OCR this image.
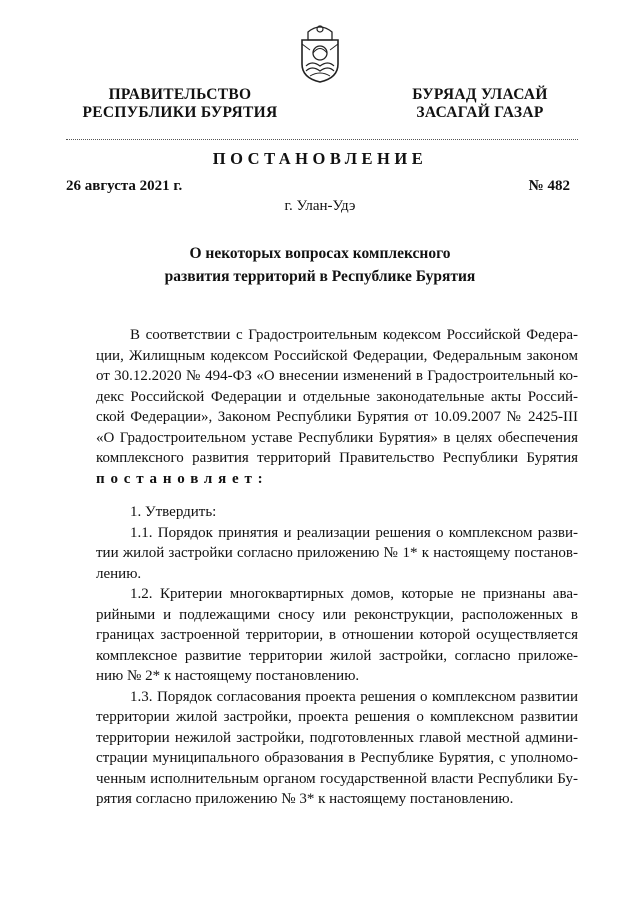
ПРАВИТЕЛЬСТВО
РЕСПУБЛИКИ БУРЯТИЯ
БУРЯАД УЛАСАЙ
ЗАСАГАЙ ГАЗАР
ПОСТАНОВЛЕНИЕ
26 августа 2021 г.	№ 482
г. Улан-Удэ
О некоторых вопросах комплексного
развития территорий в Республике Бурятия
В соответствии с Градостроительным кодексом Российской Федера-
ции, Жилищным кодексом Российской Федерации, Федеральным законом
от 30.12.2020 № 494-ФЗ «О внесении изменений в Градостроительный ко-
декс Российской Федерации и отдельные законодательные акты Россий-
ской Федерации», Законом Республики Бурятия от 10.09.2007 № 2425-III
«О Градостроительном уставе Республики Бурятия» в целях обеспечения
комплексного развития территорий Правительство Республики Бурятия
постановляет:
1. Утвердить:
1.1. Порядок принятия и реализации решения о комплексном разви-
тии жилой застройки согласно приложению № 1* к настоящему постанов-
лению.
1.2. Критерии многоквартирных домов, которые не признаны ава-
рийными и подлежащими сносу или реконструкции, расположенных в
границах застроенной территории, в отношении которой осуществляется
комплексное развитие территории жилой застройки, согласно приложе-
нию № 2* к настоящему постановлению.
1.3. Порядок согласования проекта решения о комплексном развитии
территории жилой застройки, проекта решения о комплексном развитии
территории нежилой застройки, подготовленных главой местной админи-
страции муниципального образования в Республике Бурятия, с уполномо-
ченным исполнительным органом государственной власти Республики Бу-
рятия согласно приложению № 3* к настоящему постановлению.
